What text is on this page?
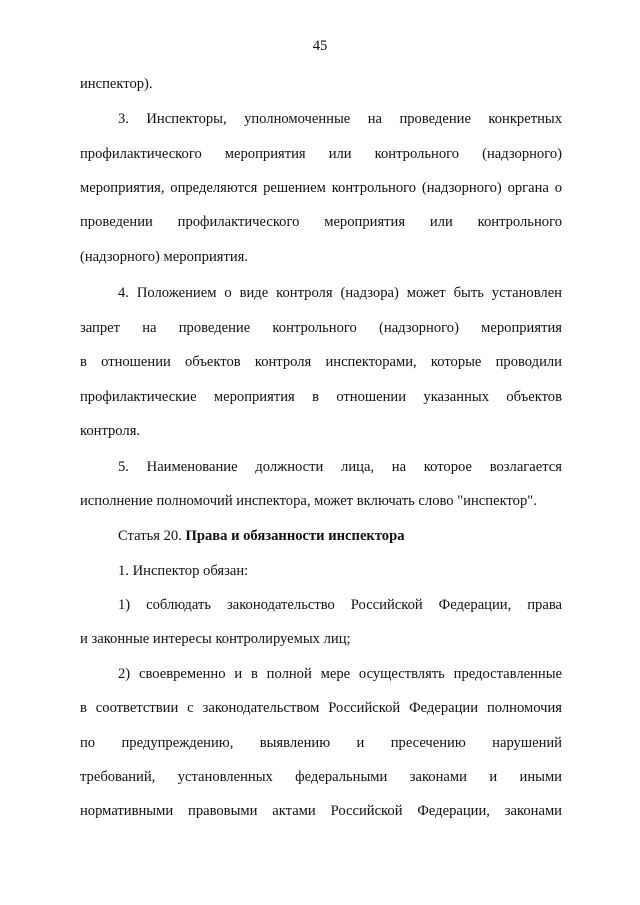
45
инспектор).
3. Инспекторы, уполномоченные на проведение конкретных
профилактического мероприятия или контрольного (надзорного)
мероприятия, определяются решением контрольного (надзорного) органа о
проведении профилактического мероприятия или контрольного
(надзорного) мероприятия.
4. Положением о виде контроля (надзора) может быть установлен
запрет на проведение контрольного (надзорного) мероприятия
в отношении объектов контроля инспекторами, которые проводили
профилактические мероприятия в отношении указанных объектов
контроля.
5. Наименование должности лица, на которое возлагается
исполнение полномочий инспектора, может включать слово "инспектор".
Статья 20. Права и обязанности инспектора
1. Инспектор обязан:
1) соблюдать законодательство Российской Федерации, права
и законные интересы контролируемых лиц;
2) своевременно и в полной мере осуществлять предоставленные
в соответствии с законодательством Российской Федерации полномочия
по предупреждению, выявлению и пресечению нарушений
требований, установленных федеральными законами и иными
нормативными правовыми актами Российской Федерации, законами
